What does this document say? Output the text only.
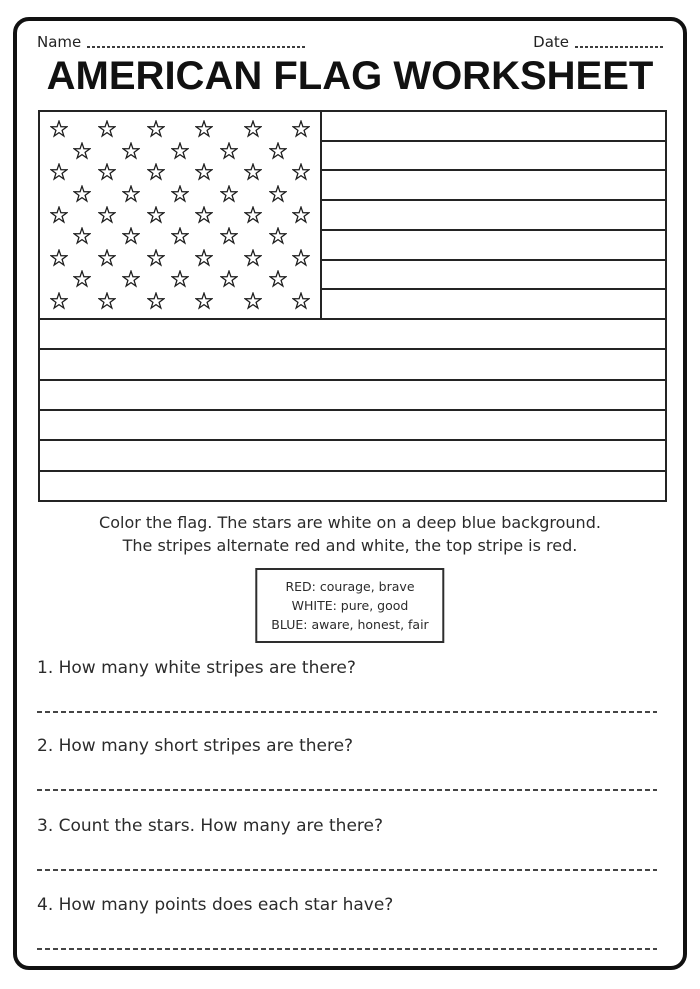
Name	Date
AMERICAN FLAG WORKSHEET
Color the flag. The stars are white on a deep blue background.
The stripes alternate red and white, the top stripe is red.
RED: courage, brave
WHITE: pure, good
BLUE: aware, honest, fair
1. How many white stripes are there?
2. How many short stripes are there?
3. Count the stars. How many are there?
4. How many points does each star have?
